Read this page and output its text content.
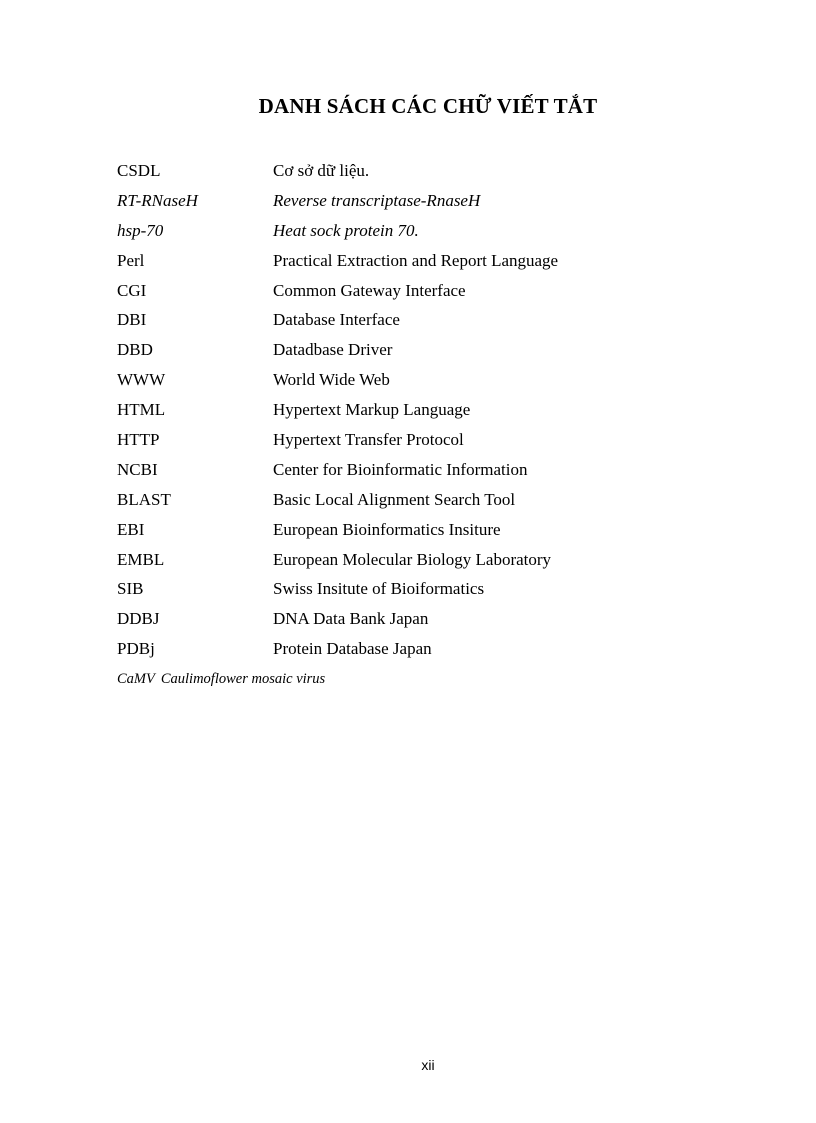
DANH SÁCH CÁC CHỮ VIẾT TẮT
CSDL	Cơ sở dữ liệu.
RT-RNaseH	Reverse transcriptase-RnaseH
hsp-70	Heat sock protein 70.
Perl	Practical Extraction and Report Language
CGI	Common Gateway Interface
DBI	Database Interface
DBD	Datadbase Driver
WWW	World Wide Web
HTML	Hypertext Markup Language
HTTP	Hypertext Transfer Protocol
NCBI	Center for Bioinformatic Information
BLAST	Basic Local Alignment Search Tool
EBI	European Bioinformatics Insiture
EMBL	European Molecular Biology Laboratory
SIB	Swiss Insitute of Bioiformatics
DDBJ	DNA Data Bank Japan
PDBj	Protein Database Japan
CaMV Caulimoflower mosaic virus
xii
